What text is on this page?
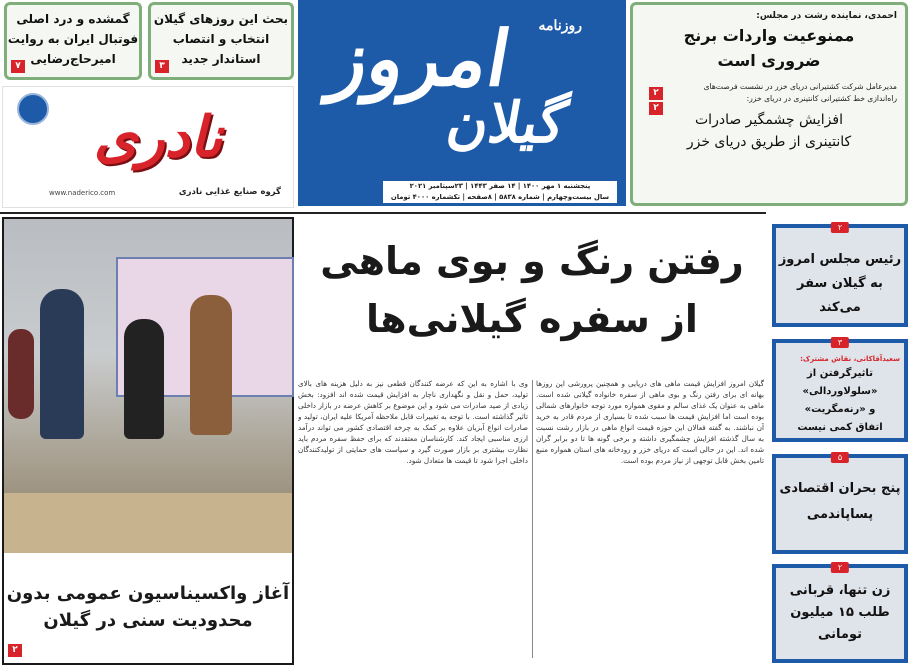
گمشده و درد اصلی
فوتبال ایران به روایت
امیرحاج‌رضایی
۷
بحث این روزهای گیلان
انتخاب و انتصاب
استاندار جدید
۳
روزنامه
امروز
گیلان
پنجشنبه ۱ مهر ۱۴۰۰ | ۱۴ صفر ۱۴۴۳ | ۲۳سپتامبر ۲۰۲۱
سال بیست‌وچهارم | شماره ۵۸۳۸ | ۸صفحه | تکشماره ۴۰۰۰ تومان
احمدی، نماینده رشت در مجلس:
ممنوعیت واردات برنج
ضروری است
۲
۲
مدیرعامل شرکت کشتیرانی دریای خزر در نشست فرصت‌های
راه‌اندازی خط کشتیرانی کانتینری در دریای خزر:
افزایش چشمگیر صادرات
کانتینری از طریق دریای خزر
نادری
www.naderico.com	گروه صنایع غذایی نادری
آغاز واکسیناسیون عمومی بدون
محدودیت سنی در گیلان
۲
رفتن رنگ و بوی ماهی
از سفره گیلانی‌ها
گیلان امروز افزایش قیمت ماهی های دریایی و همچنین پرورشی این روزها بهانه ای برای رفتن رنگ و بوی ماهی از سفره خانواده گیلانی شده است. ماهی به عنوان یک غذای سالم و مقوی همواره مورد توجه خانوارهای شمالی بوده است اما افزایش قیمت ها سبب شده تا بسیاری از مردم قادر به خرید آن نباشند. به گفته فعالان این حوزه قیمت انواع ماهی در بازار رشت نسبت به سال گذشته افزایش چشمگیری داشته و برخی گونه ها تا دو برابر گران شده اند. این در حالی است که دریای خزر و رودخانه های استان همواره منبع تامین بخش قابل توجهی از نیاز مردم بوده است.
وی با اشاره به این که عرضه کنندگان قطعی نیز به دلیل هزینه های بالای تولید، حمل و نقل و نگهداری ناچار به افزایش قیمت شده اند افزود: بخش زیادی از صید صادرات می شود و این موضوع بر کاهش عرضه در بازار داخلی تاثیر گذاشته است. با توجه به تغییرات قابل ملاحظه آمریکا علیه ایران، تولید و صادرات انواع آبزیان علاوه بر کمک به چرخه اقتصادی کشور می تواند درآمد ارزی مناسبی ایجاد کند. کارشناسان معتقدند که برای حفظ سفره مردم باید نظارت بیشتری بر بازار صورت گیرد و سیاست های حمایتی از تولیدکنندگان داخلی اجرا شود تا قیمت ها متعادل شود.
۲
رئیس مجلس امروز
به گیلان سفر می‌کند
۳
سعیدآقاکانی، نقاش مشترک:
تاثیرگرفتن از «سلولاوردالی»
و «رنه‌مگریت»
اتفاق کمی نیست
۵
پنج بحران اقتصادی
پساپاندمی
۲
زن تنها، قربانی
طلب ۱۵ میلیون
تومانی
